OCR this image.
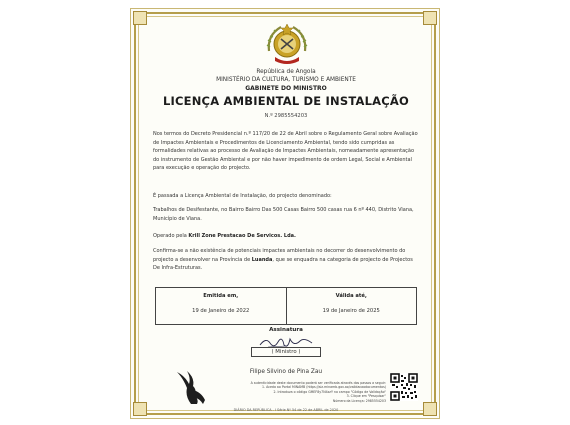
República de Angola
MINISTÉRIO DA CULTURA, TURISMO E AMBIENTE
GABINETE DO MINISTRO
LICENÇA AMBIENTAL DE INSTALAÇÃO
N.º 2985554203
Nos termos do Decreto Presidencial n.º 117/20 de 22 de Abril sobre o Regulamento Geral sobre Avaliação de Impactes Ambientais e Procedimentos de Licenciamento Ambiental, tendo sido cumpridas as formalidades relativas ao processo de Avaliação de Impactes Ambientais, nomeadamente apresentação do instrumento de Gestão Ambiental e por não haver impedimento de ordem Legal, Social e Ambiental para execução e operação do projecto.
É passada a Licença Ambiental de Instalação, do projecto denominado:
Trabalhos de Desifestante, no Bairro Bairro Das 500 Casas Bairro 500 casas rua 6 nº 440, Distrito Viana, Município de Viana.
Operado pela Krill Zone Prestacao De Servicos. Lda.
Confirma-se a não existência de potenciais impactes ambientais no decorrer do desenvolvimento do projecto a desenvolver na Província de Luanda, que se enquadra na categoria de projecto de Projectos De Infra-Estruturas.
Emitida em,
19 de Janeiro de 2022
Válida até,
19 de Janeiro de 2025
Assinatura
( Ministro )
Filipe Silvino de Pina Zau
A autenticidade deste documento poderá ser verificada através dos passos a seguir:
1. Aceda ao Portal MINAMB (https://siz.minamb.gov.ao/validacaodocumentos)
2. Introduza o código GMEF8y7N4zzY no campo "Código de Validação"
3. Clique em "Pesquisar"
Número da Licença: 2985554203
DIÁRIO DA REPÚBLICA - I Série Nº 54 de 22 de ABRIL de 2020
